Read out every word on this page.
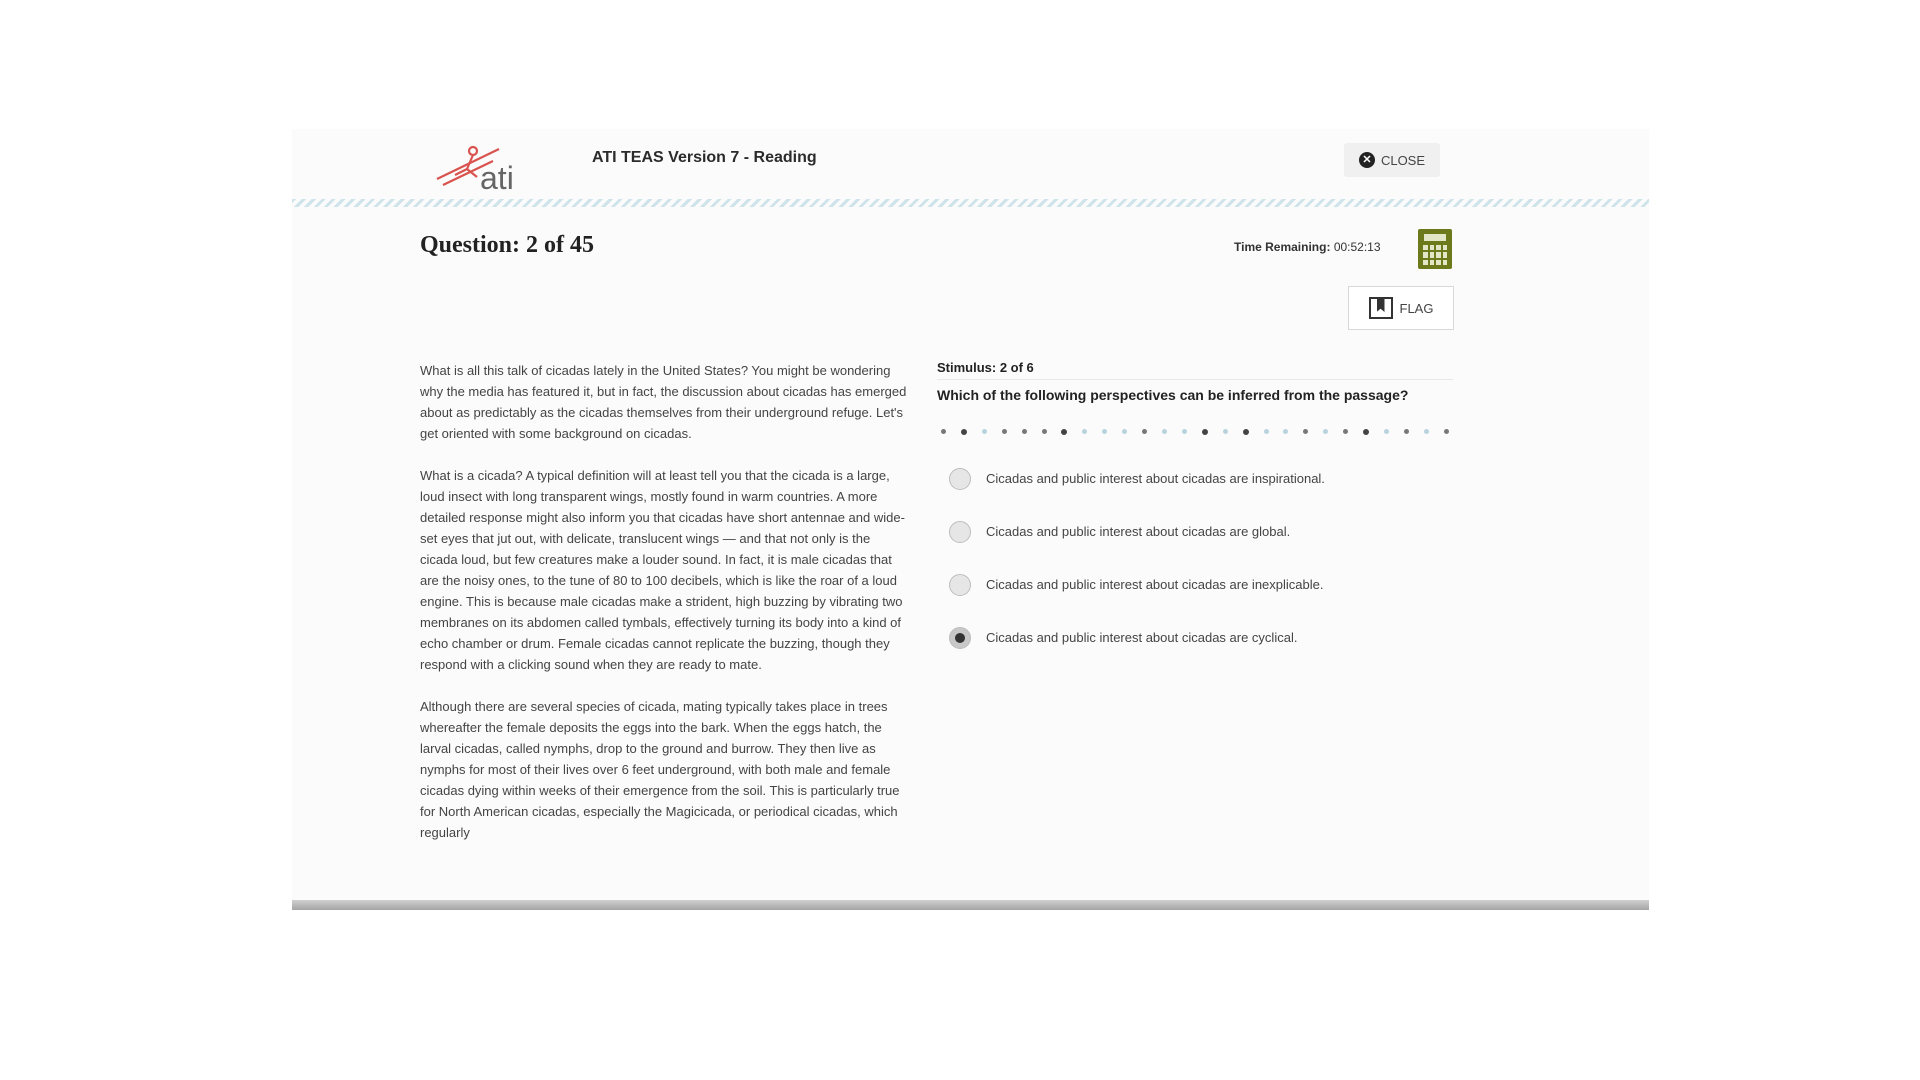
ati
ATI TEAS Version 7 - Reading	✕ CLOSE
Question: 2 of 45	Time Remaining: 00:52:13
FLAG

What is all this talk of cicadas lately in the United States? You might be wondering why the media has featured it, but in fact, the discussion about cicadas has emerged about as predictably as the cicadas themselves from their underground refuge. Let's get oriented with some background on cicadas.

What is a cicada? A typical definition will at least tell you that the cicada is a large, loud insect with long transparent wings, mostly found in warm countries. A more detailed response might also inform you that cicadas have short antennae and wide-set eyes that jut out, with delicate, translucent wings — and that not only is the cicada loud, but few creatures make a louder sound. In fact, it is male cicadas that are the noisy ones, to the tune of 80 to 100 decibels, which is like the roar of a loud engine. This is because male cicadas make a strident, high buzzing by vibrating two membranes on its abdomen called tymbals, effectively turning its body into a kind of echo chamber or drum. Female cicadas cannot replicate the buzzing, though they respond with a clicking sound when they are ready to mate.

Although there are several species of cicada, mating typically takes place in trees whereafter the female deposits the eggs into the bark. When the eggs hatch, the larval cicadas, called nymphs, drop to the ground and burrow. They then live as nymphs for most of their lives over 6 feet underground, with both male and female cicadas dying within weeks of their emergence from the soil. This is particularly true for North American cicadas, especially the Magicicada, or periodical cicadas, which regularly

Stimulus: 2 of 6
Which of the following perspectives can be inferred from the passage?
Cicadas and public interest about cicadas are inspirational.
Cicadas and public interest about cicadas are global.
Cicadas and public interest about cicadas are inexplicable.
Cicadas and public interest about cicadas are cyclical.
